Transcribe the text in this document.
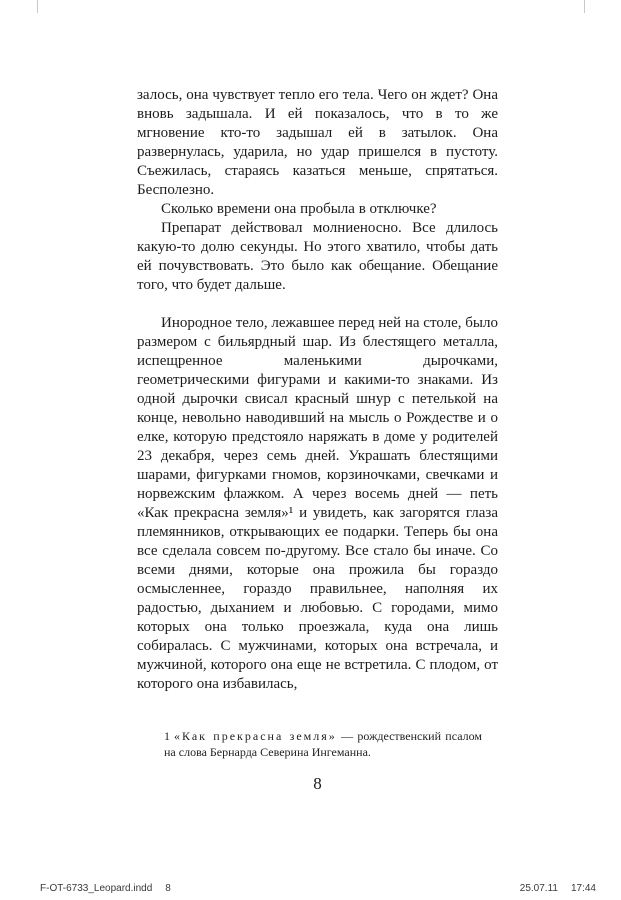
залось, она чувствует тепло его тела. Чего он ждет? Она вновь задышала. И ей показалось, что в то же мгновение кто-то задышал ей в затылок. Она развернулась, ударила, но удар пришелся в пустоту. Съежилась, стараясь казаться меньше, спрятаться. Бесполезно.

Сколько времени она пробыла в отключке?

Препарат действовал молниеносно. Все длилось какую-то долю секунды. Но этого хватило, чтобы дать ей почувствовать. Это было как обещание. Обещание того, что будет дальше.

Инородное тело, лежавшее перед ней на столе, было размером с бильярдный шар. Из блестящего металла, испещренное маленькими дырочками, геометрическими фигурами и какими-то знаками. Из одной дырочки свисал красный шнур с петелькой на конце, невольно наводивший на мысль о Рождестве и о елке, которую предстояло наряжать в доме у родителей 23 декабря, через семь дней. Украшать блестящими шарами, фигурками гномов, корзиночками, свечками и норвежским флажком. А через восемь дней — петь «Как прекрасна земля»¹ и увидеть, как загорятся глаза племянников, открывающих ее подарки. Теперь бы она все сделала совсем по-другому. Все стало бы иначе. Со всеми днями, которые она прожила бы гораздо осмысленнее, гораздо правильнее, наполняя их радостью, дыханием и любовью. С городами, мимо которых она только проезжала, куда она лишь собиралась. С мужчинами, которых она встречала, и мужчиной, которого она еще не встретила. С плодом, от которого она избавилась,

1 «Как прекрасна земля» — рождественский псалом на слова Бернарда Северина Ингеманна.
8
F-OT-6733_Leopard.indd 8	25.07.11 17:44
